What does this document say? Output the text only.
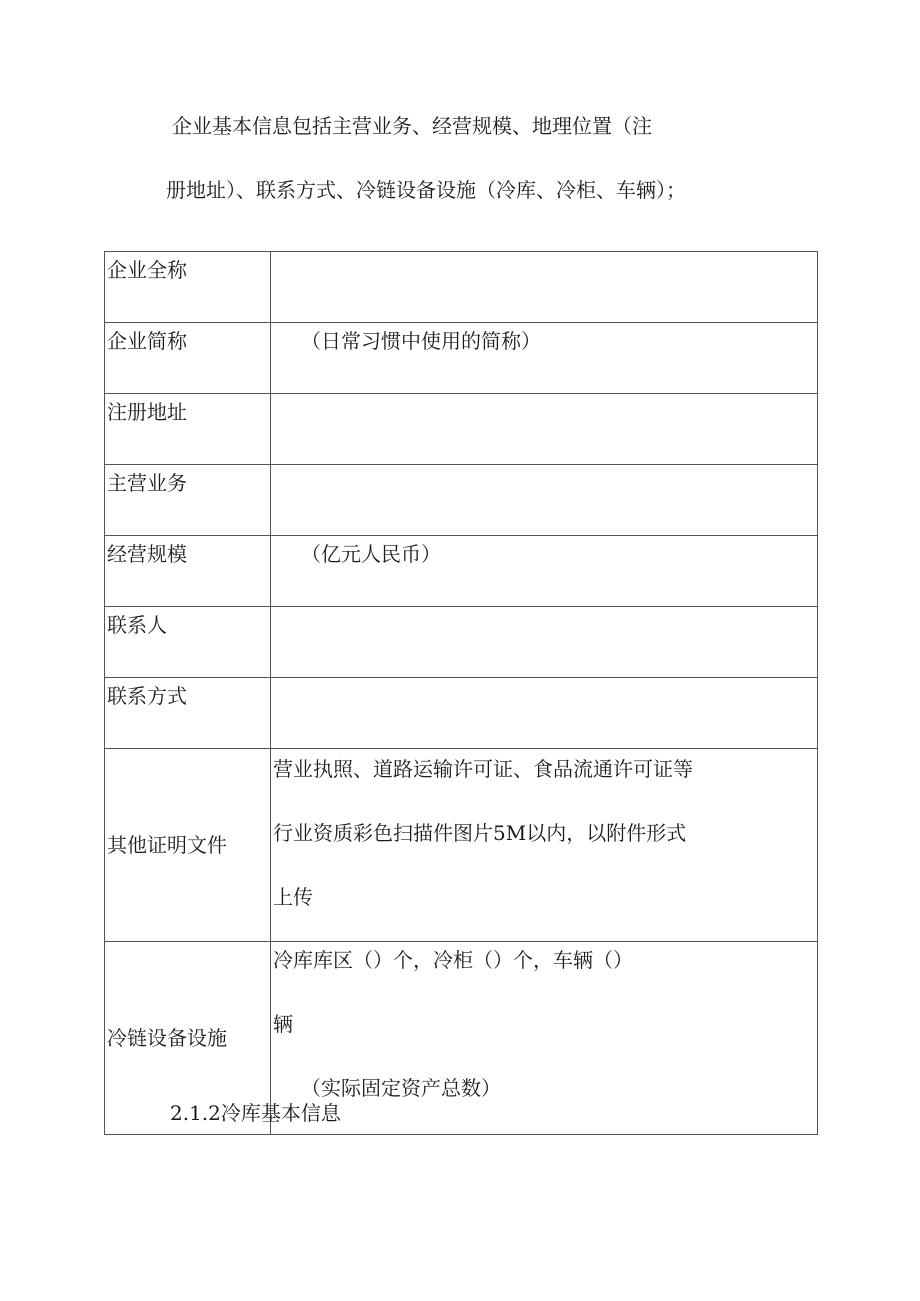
企业基本信息包括主营业务、经营规模、地理位置（注
册地址）、联系方式、冷链设备设施（冷库、冷柜、车辆）；
企业全称	
企业简称	（日常习惯中使用的简称）
注册地址	
主营业务	
经营规模	（亿元人民币）
联系人	
联系方式	
其他证明文件	营业执照、道路运输许可证、食品流通许可证等
行业资质彩色扫描件图片5M以内，以附件形式
上传

冷链设备设施	冷库库区（）个，冷柜（）个，车辆（）
辆
（实际固定资产总数）
2.1.2冷库基本信息
